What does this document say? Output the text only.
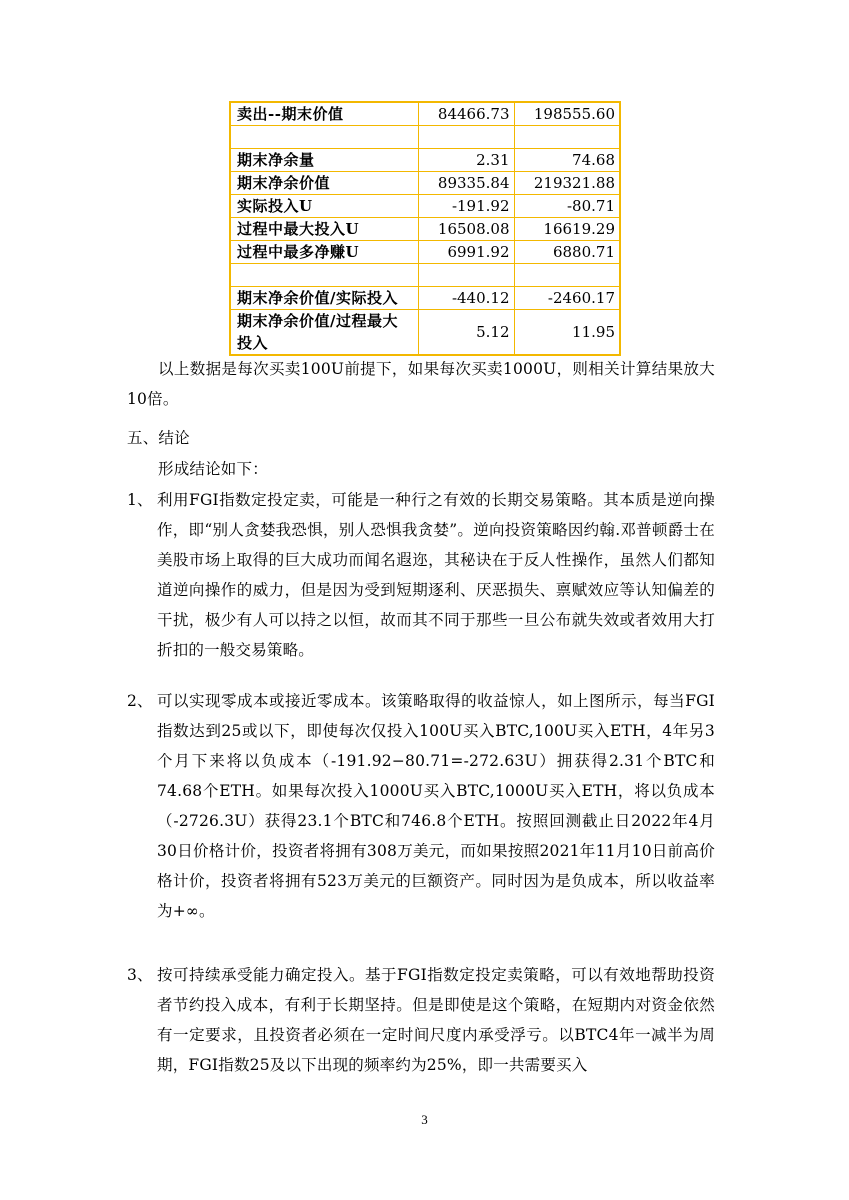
卖出--期末价值	84466.73	198555.60

期末净余量	2.31	74.68
期末净余价值	89335.84	219321.88
实际投入U	-191.92	-80.71
过程中最大投入U	16508.08	16619.29
过程中最多净赚U	6991.92	6880.71

期末净余价值/实际投入	-440.12	-2460.17
期末净余价值/过程最大投入	5.12	11.95
以上数据是每次买卖100U前提下，如果每次买卖1000U，则相关计算结果放大10倍。
五、结论
形成结论如下：
1、 利用FGI指数定投定卖，可能是一种行之有效的长期交易策略。其本质是逆向操作，即“别人贪婪我恐惧，别人恐惧我贪婪”。逆向投资策略因约翰.邓普顿爵士在美股市场上取得的巨大成功而闻名遐迩，其秘诀在于反人性操作，虽然人们都知道逆向操作的威力，但是因为受到短期逐利、厌恶损失、禀赋效应等认知偏差的干扰，极少有人可以持之以恒，故而其不同于那些一旦公布就失效或者效用大打折扣的一般交易策略。
2、 可以实现零成本或接近零成本。该策略取得的收益惊人，如上图所示，每当FGI指数达到25或以下，即使每次仅投入100U买入BTC,100U买入ETH，4年另3个月下来将以负成本（-191.92−80.71=-272.63U）拥获得2.31个BTC和74.68个ETH。如果每次投入1000U买入BTC,1000U买入ETH，将以负成本（-2726.3U）获得23.1个BTC和746.8个ETH。按照回测截止日2022年4月30日价格计价，投资者将拥有308万美元，而如果按照2021年11月10日前高价格计价，投资者将拥有523万美元的巨额资产。同时因为是负成本，所以收益率为+∞。
3、 按可持续承受能力确定投入。基于FGI指数定投定卖策略，可以有效地帮助投资者节约投入成本，有利于长期坚持。但是即使是这个策略，在短期内对资金依然有一定要求，且投资者必须在一定时间尺度内承受浮亏。以BTC4年一减半为周期，FGI指数25及以下出现的频率约为25%，即一共需要买入
3
